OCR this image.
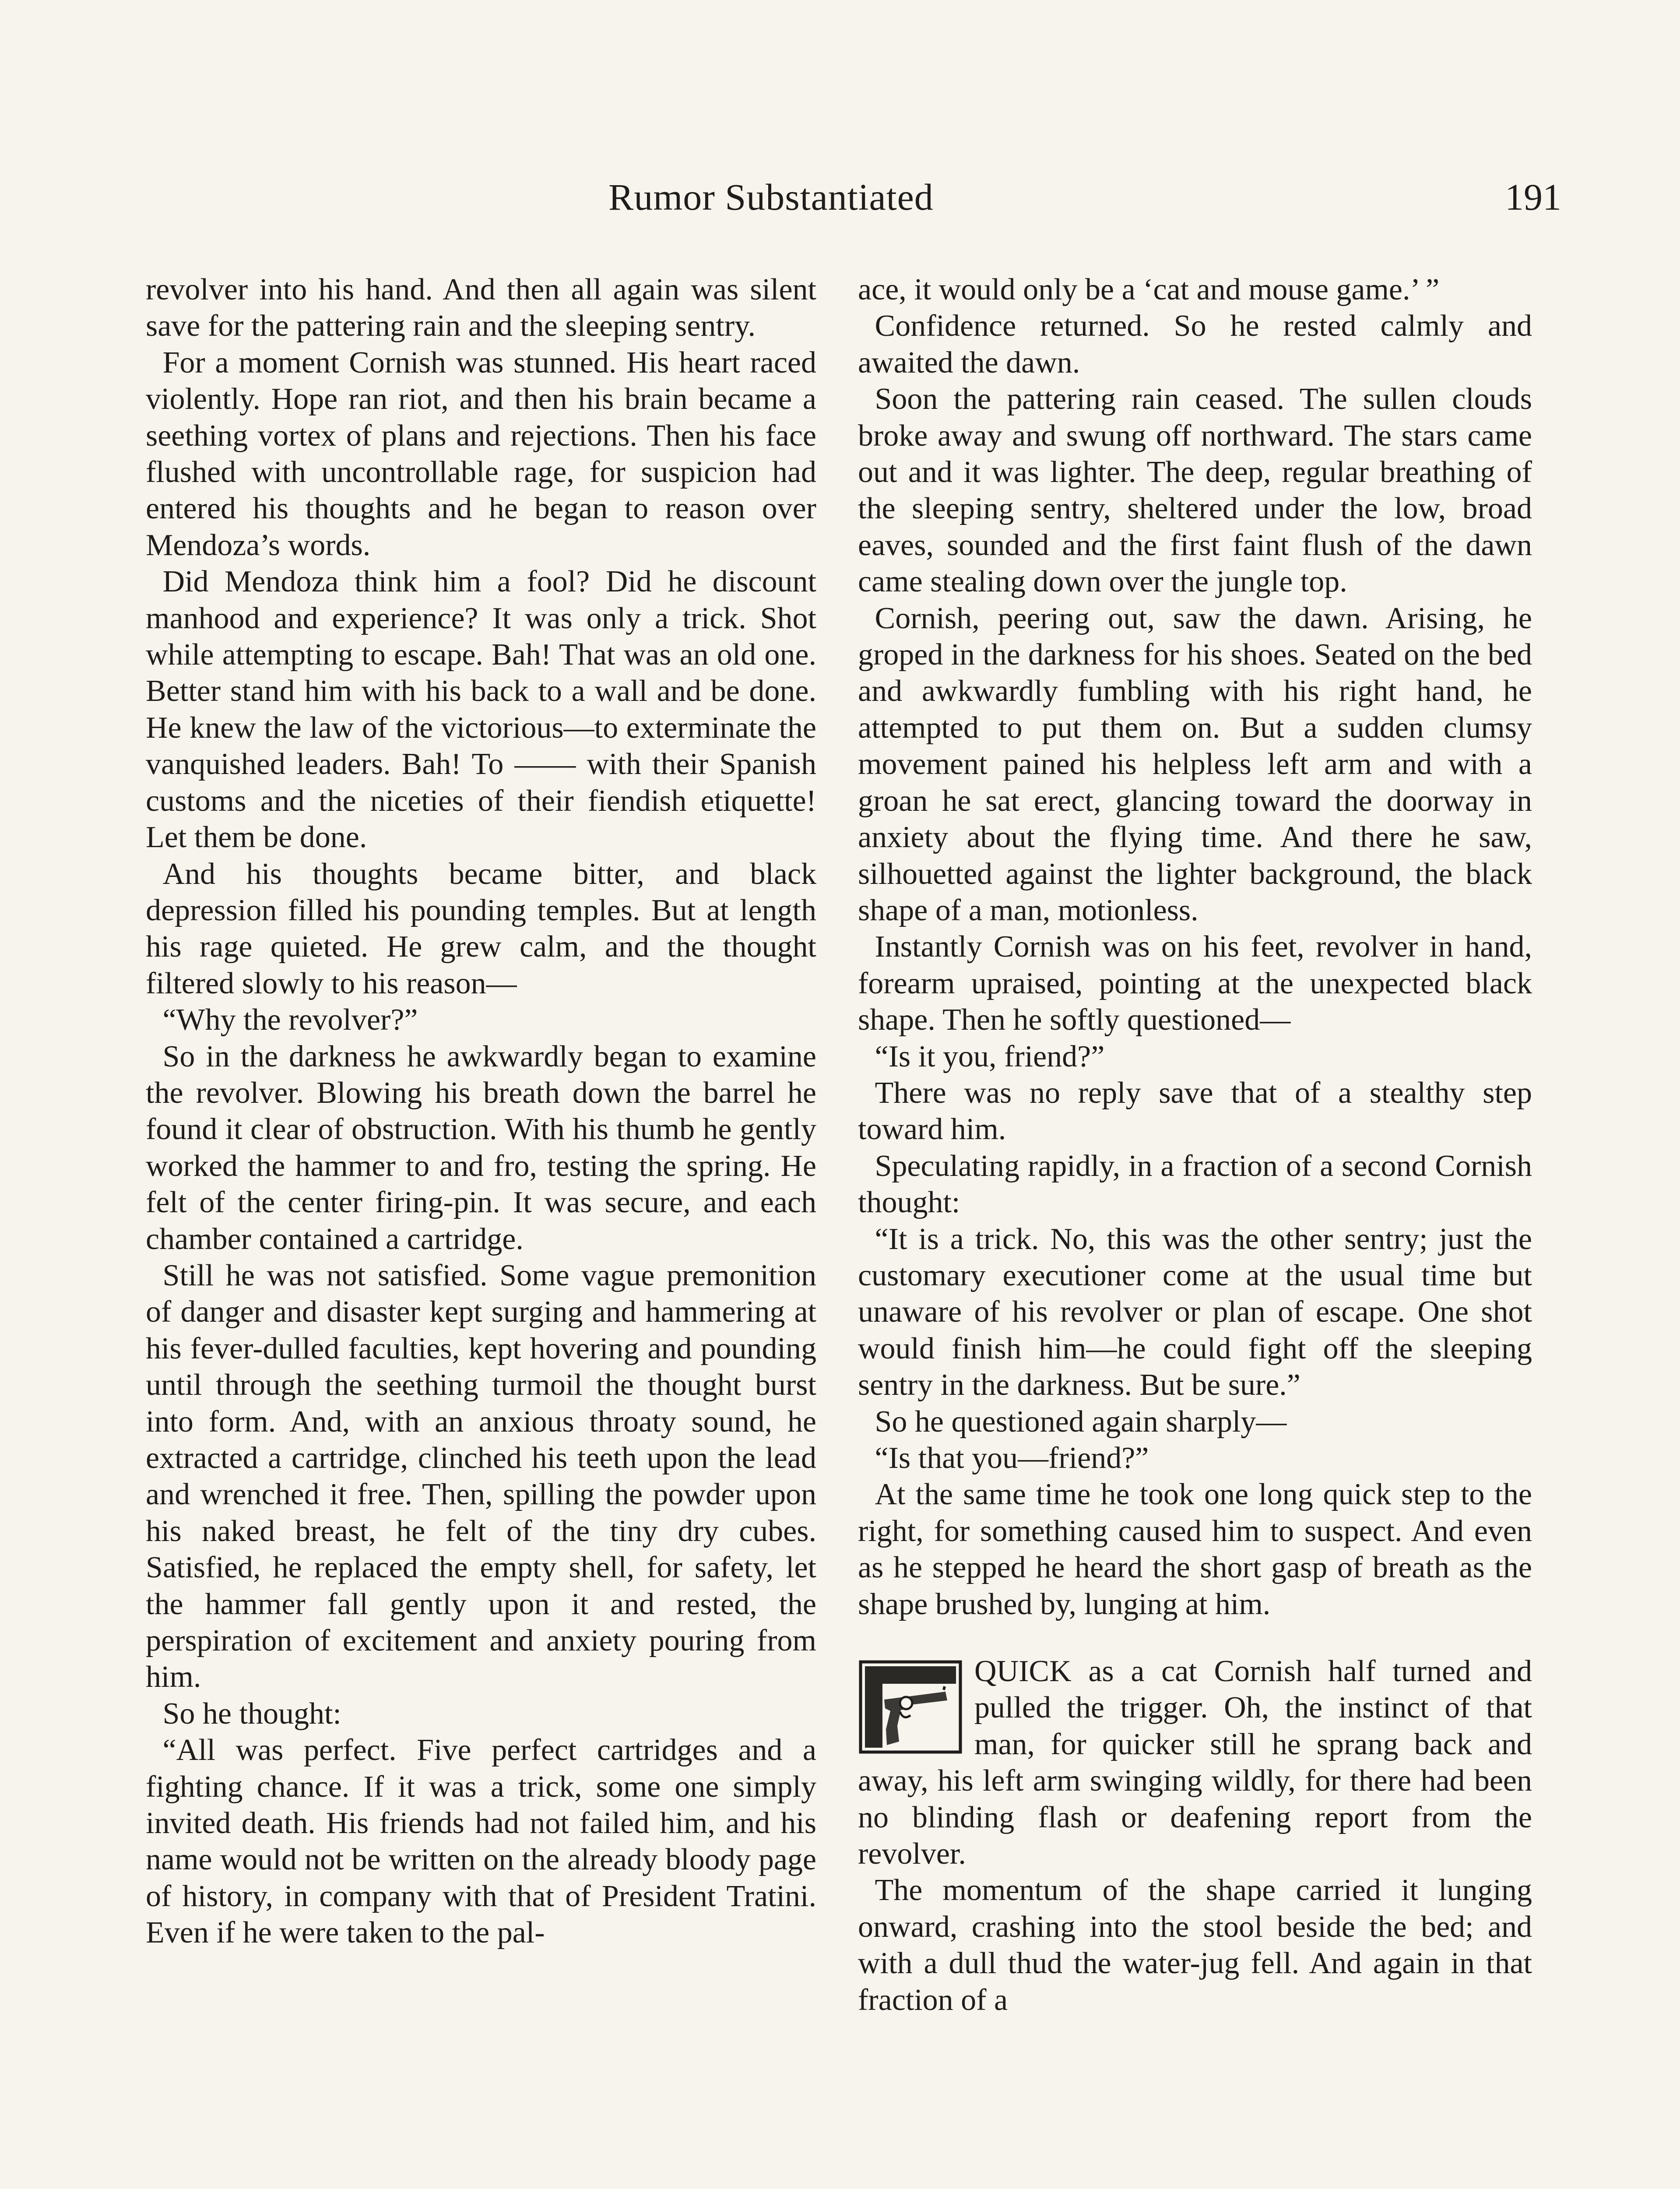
Rumor Substantiated	191

revolver into his hand. And then all again was silent save for the pattering rain and the sleeping sentry.

For a moment Cornish was stunned. His heart raced violently. Hope ran riot, and then his brain became a seething vortex of plans and rejections. Then his face flushed with uncontrollable rage, for suspicion had entered his thoughts and he began to reason over Mendoza’s words.

Did Mendoza think him a fool? Did he discount manhood and experience? It was only a trick. Shot while attempting to escape. Bah! That was an old one. Better stand him with his back to a wall and be done. He knew the law of the victorious—to exterminate the vanquished leaders. Bah! To —— with their Spanish customs and the niceties of their fiendish etiquette! Let them be done.

And his thoughts became bitter, and black depression filled his pounding temples. But at length his rage quieted. He grew calm, and the thought filtered slowly to his reason—

“Why the revolver?”

So in the darkness he awkwardly began to examine the revolver. Blowing his breath down the barrel he found it clear of obstruction. With his thumb he gently worked the hammer to and fro, testing the spring. He felt of the center firing-pin. It was secure, and each chamber contained a cartridge.

Still he was not satisfied. Some vague premonition of danger and disaster kept surging and hammering at his fever-dulled faculties, kept hovering and pounding until through the seething turmoil the thought burst into form. And, with an anxious throaty sound, he extracted a cartridge, clinched his teeth upon the lead and wrenched it free. Then, spilling the powder upon his naked breast, he felt of the tiny dry cubes. Satisfied, he replaced the empty shell, for safety, let the hammer fall gently upon it and rested, the perspiration of excitement and anxiety pouring from him.

So he thought:

“All was perfect. Five perfect cartridges and a fighting chance. If it was a trick, some one simply invited death. His friends had not failed him, and his name would not be written on the already bloody page of history, in company with that of President Tratini. Even if he were taken to the pal-

ace, it would only be a ‘cat and mouse game.’ ”

Confidence returned. So he rested calmly and awaited the dawn.

Soon the pattering rain ceased. The sullen clouds broke away and swung off northward. The stars came out and it was lighter. The deep, regular breathing of the sleeping sentry, sheltered under the low, broad eaves, sounded and the first faint flush of the dawn came stealing down over the jungle top.

Cornish, peering out, saw the dawn. Arising, he groped in the darkness for his shoes. Seated on the bed and awkwardly fumbling with his right hand, he attempted to put them on. But a sudden clumsy movement pained his helpless left arm and with a groan he sat erect, glancing toward the doorway in anxiety about the flying time. And there he saw, silhouetted against the lighter background, the black shape of a man, motionless.

Instantly Cornish was on his feet, revolver in hand, forearm upraised, pointing at the unexpected black shape. Then he softly questioned—

“Is it you, friend?”

There was no reply save that of a stealthy step toward him.

Speculating rapidly, in a fraction of a second Cornish thought:

“It is a trick. No, this was the other sentry; just the customary executioner come at the usual time but unaware of his revolver or plan of escape. One shot would finish him—he could fight off the sleeping sentry in the darkness. But be sure.”

So he questioned again sharply—

“Is that you—friend?”

At the same time he took one long quick step to the right, for something caused him to suspect. And even as he stepped he heard the short gasp of breath as the shape brushed by, lunging at him.

QUICK as a cat Cornish half turned and pulled the trigger. Oh, the instinct of that man, for quicker still he sprang back and away, his left arm swinging wildly, for there had been no blinding flash or deafening report from the revolver.

The momentum of the shape carried it lunging onward, crashing into the stool beside the bed; and with a dull thud the water-jug fell. And again in that fraction of a
